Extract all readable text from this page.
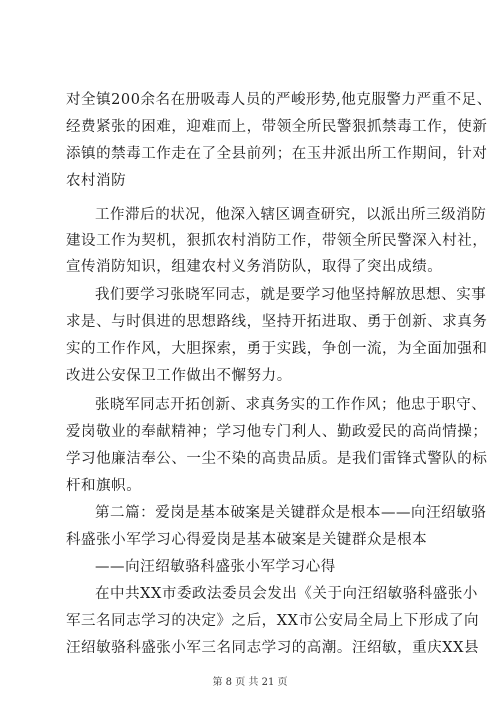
对全镇200余名在册吸毒人员的严峻形势,他克服警力严重不足、
经费紧张的困难，迎难而上，带领全所民警狠抓禁毒工作，使新
添镇的禁毒工作走在了全县前列；在玉井派出所工作期间，针对
农村消防
工作滞后的状况，他深入辖区调查研究，以派出所三级消防
建设工作为契机，狠抓农村消防工作，带领全所民警深入村社，
宣传消防知识，组建农村义务消防队，取得了突出成绩。
我们要学习张晓军同志，就是要学习他坚持解放思想、实事
求是、与时俱进的思想路线，坚持开拓进取、勇于创新、求真务
实的工作作风，大胆探索，勇于实践，争创一流，为全面加强和
改进公安保卫工作做出不懈努力。
张晓军同志开拓创新、求真务实的工作作风；他忠于职守、
爱岗敬业的奉献精神；学习他专门利人、勤政爱民的高尚情操；
学习他廉洁奉公、一尘不染的高贵品质。是我们雷锋式警队的标
杆和旗帜。
第二篇：爱岗是基本破案是关键群众是根本——向汪绍敏骆
科盛张小军学习心得爱岗是基本破案是关键群众是根本
——向汪绍敏骆科盛张小军学习心得
在中共XX市委政法委员会发出《关于向汪绍敏骆科盛张小
军三名同志学习的决定》之后，XX市公安局全局上下形成了向
汪绍敏骆科盛张小军三名同志学习的高潮。汪绍敏，重庆XX县
第 8 页 共 21 页
